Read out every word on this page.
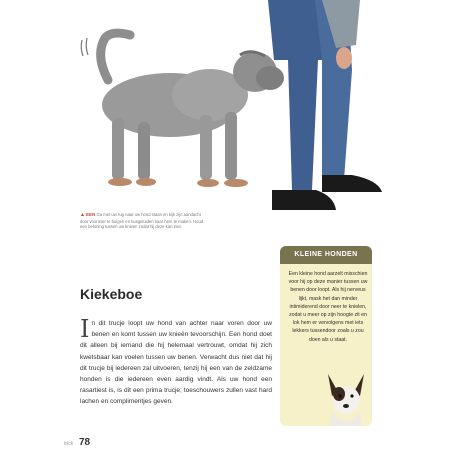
▲ EEN Ga met uw rug naar uw hond staan en kijk zijn aandacht door voorover te buigen en kusgeluiden naar hem te maken. Houd een beloning tussen uw knieën zodat hij deze kan zien.
Kiekeboe
In dit trucje loopt uw hond van achter naar voren door uw benen en komt tussen uw knieën tevoorschijn. Een hond doet dit alleen bij iemand die hij helemaal vertrouwt, omdat hij zich kwetsbaar kan voelen tussen uw benen. Verwacht dus niet dat hij dit trucje bij iedereen zal uitvoeren, tenzij hij een van de zeldzame honden is die iedereen even aardig vindt. Als uw hond een rasartiest is, is dit een prima trucje; toeschouwers zullen vast hard lachen en complimentjes geven.
KLEINE HONDEN

Een kleine hond aarzelt misschien voor hij op deze manier tussen uw benen door loopt. Als hij nerveus lijkt, mask het dan minder intimiderend door neer te knielen, zodat u meer op zijn hoogte zit en lok hem er vervolgens met iets lekkers tussendoor zoals u zou doen als u staat.

trick 78
